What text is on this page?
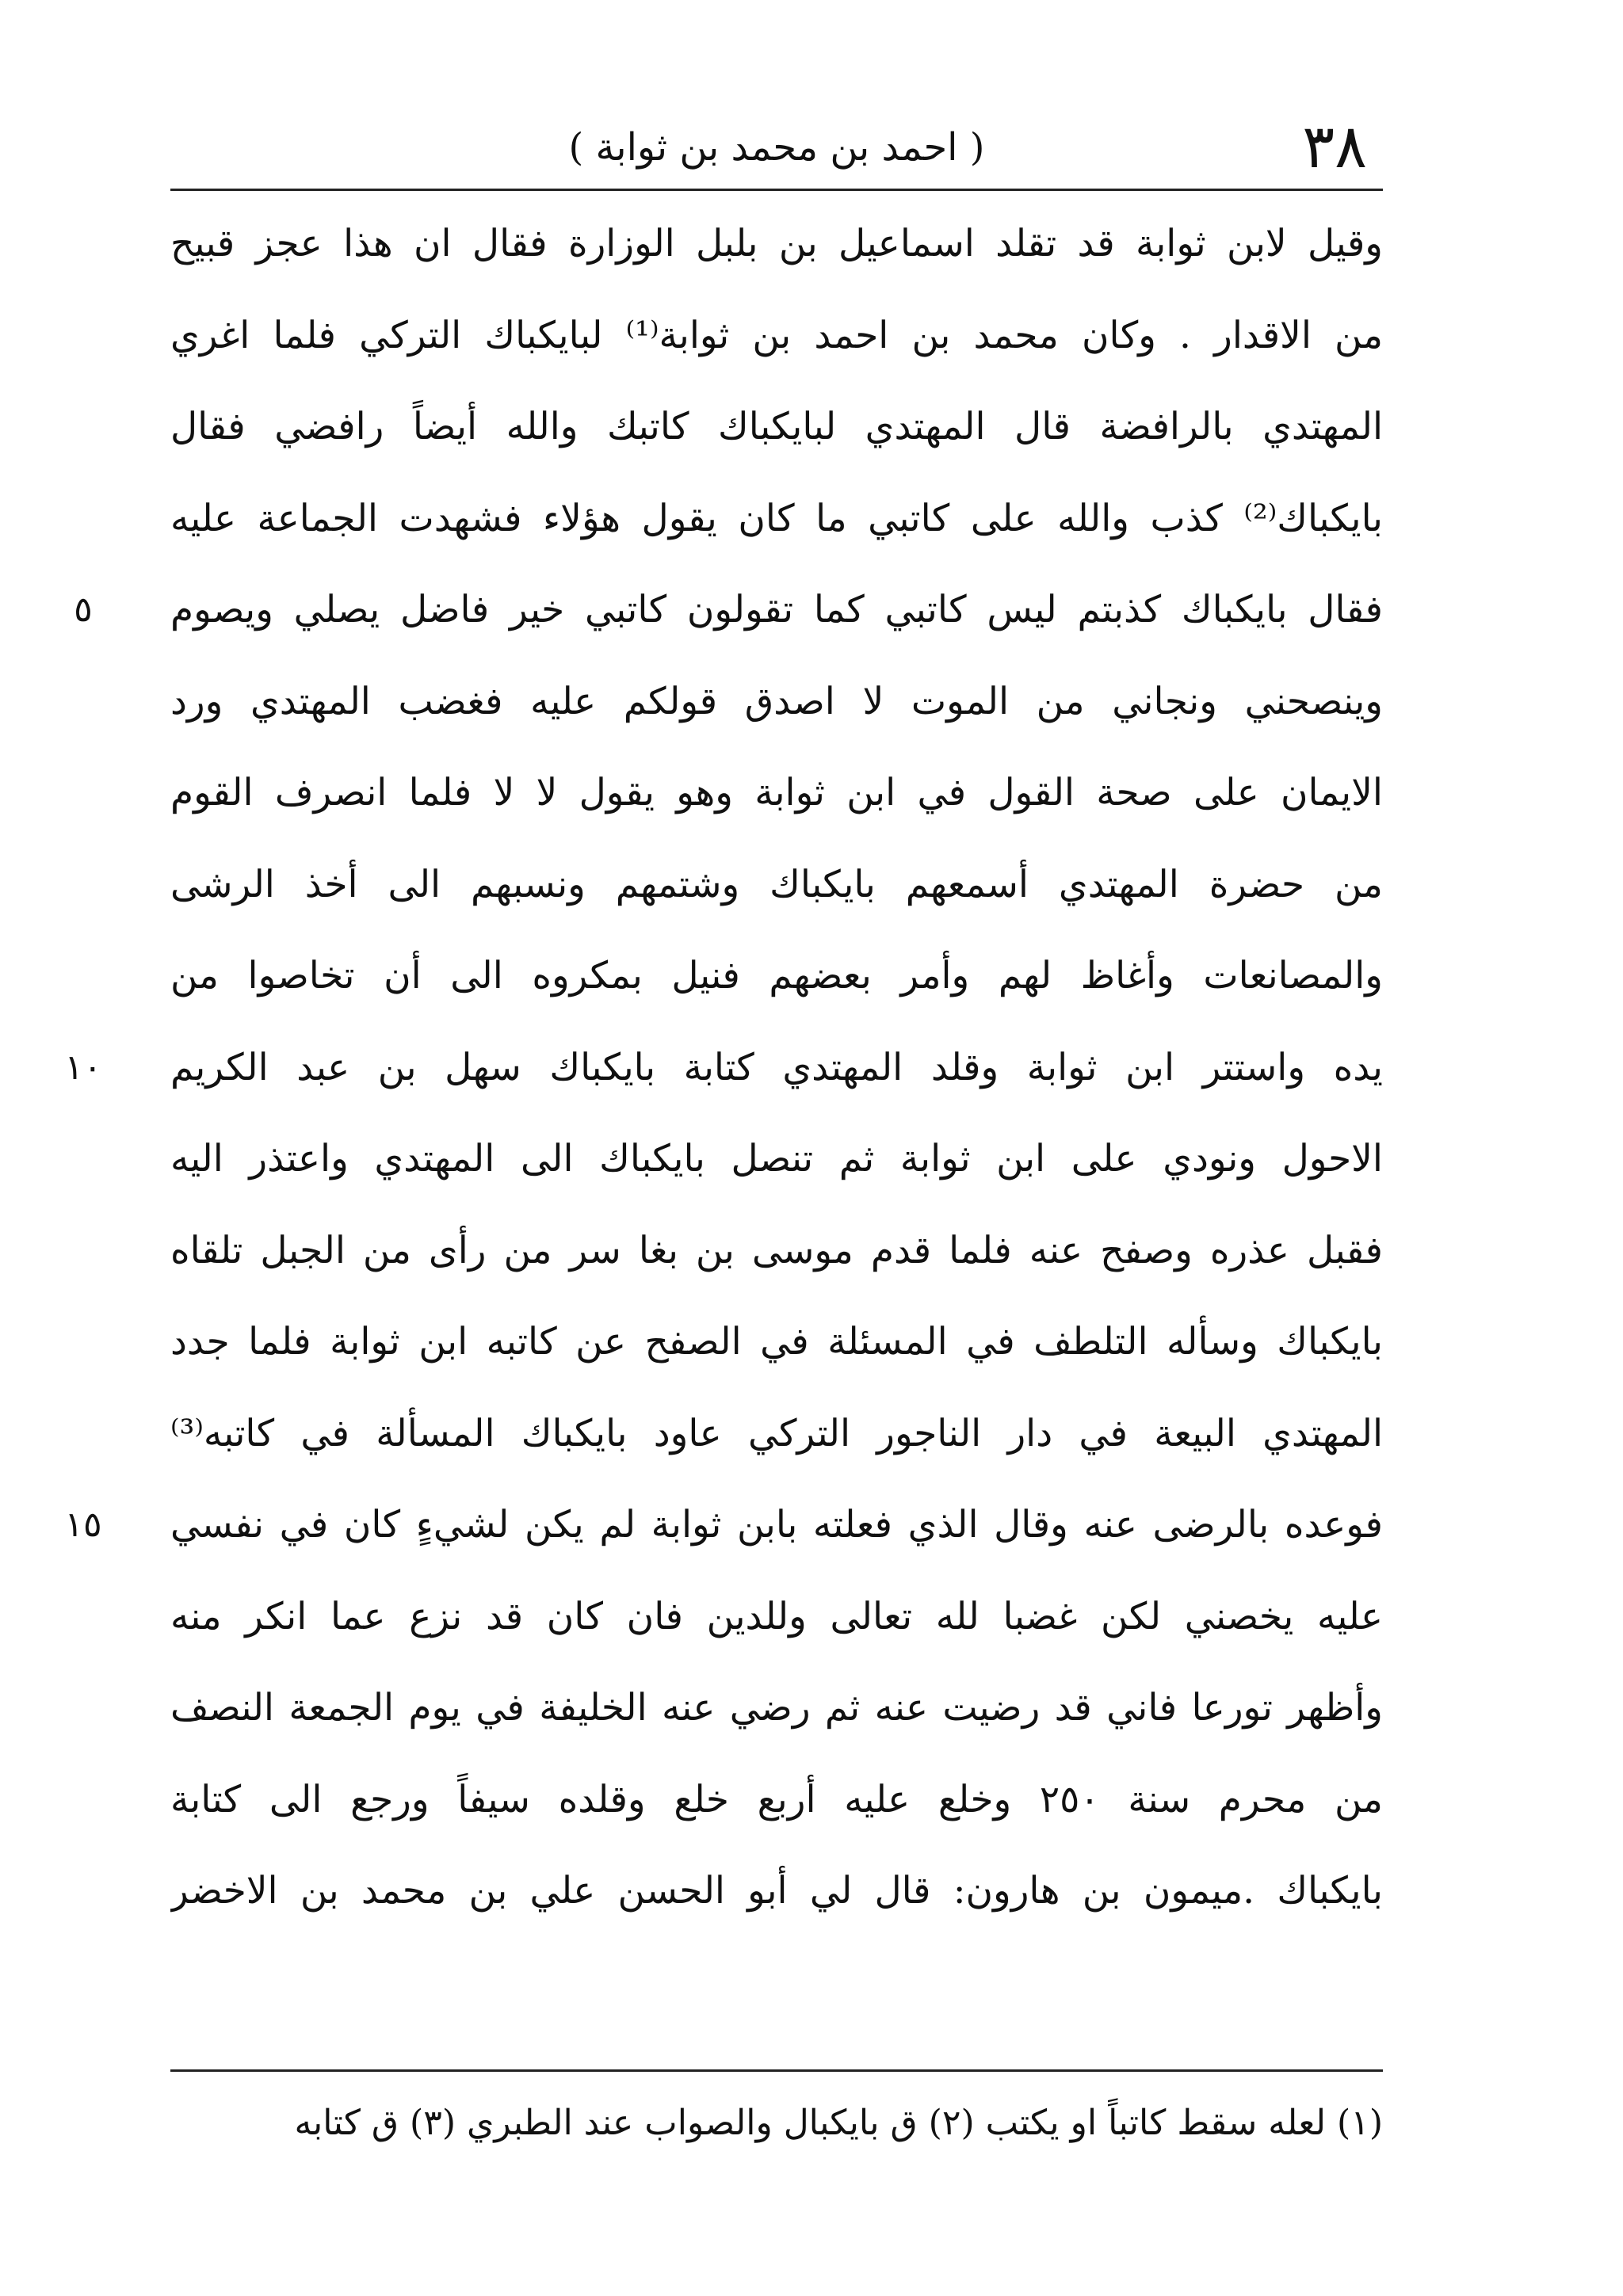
٣٨
( احمد بن محمد بن ثوابة )
وقيل لابن ثوابة قد تقلد اسماعيل بن بلبل الوزارة فقال ان هذا عجز قبيح
من الاقدار . وكان محمد بن احمد بن ثوابة⁽¹⁾ لبايكباك التركي فلما اغري
المهتدي بالرافضة قال المهتدي لبايكباك كاتبك والله أيضاً رافضي فقال
بايكباك⁽²⁾ كذب والله على كاتبي ما كان يقول هؤلاء فشهدت الجماعة عليه
فقال بايكباك كذبتم ليس كاتبي كما تقولون كاتبي خير فاضل يصلي ويصوم
وينصحني ونجاني من الموت لا اصدق قولكم عليه فغضب المهتدي ورد
الايمان على صحة القول في ابن ثوابة وهو يقول لا لا فلما انصرف القوم
من حضرة المهتدي أسمعهم بايكباك وشتمهم ونسبهم الى أخذ الرشى
والمصانعات وأغاظ لهم وأمر بعضهم فنيل بمكروه الى أن تخاصوا من
يده واستتر ابن ثوابة وقلد المهتدي كتابة بايكباك سهل بن عبد الكريم
الاحول ونودي على ابن ثوابة ثم تنصل بايكباك الى المهتدي واعتذر اليه
فقبل عذره وصفح عنه فلما قدم موسى بن بغا سر من رأى من الجبل تلقاه
بايكباك وسأله التلطف في المسئلة في الصفح عن كاتبه ابن ثوابة فلما جدد
المهتدي البيعة في دار الناجور التركي عاود بايكباك المسألة في كاتبه⁽³⁾
فوعده بالرضى عنه وقال الذي فعلته بابن ثوابة لم يكن لشيءٍ كان في نفسي
عليه يخصني لكن غضبا لله تعالى وللدين فان كان قد نزع عما انكر منه
وأظهر تورعا فاني قد رضيت عنه ثم رضي عنه الخليفة في يوم الجمعة النصف
من محرم سنة ٢٥٠ وخلع عليه أربع خلع وقلده سيفاً ورجع الى كتابة
بايكباك .ميمون بن هارون: قال لي أبو الحسن علي بن محمد بن الاخضر
٥
١٠
١٥
(١) لعله سقط كاتباً او يكتب (٢) ق بايكبال والصواب عند الطبري (٣) ق كتابه
